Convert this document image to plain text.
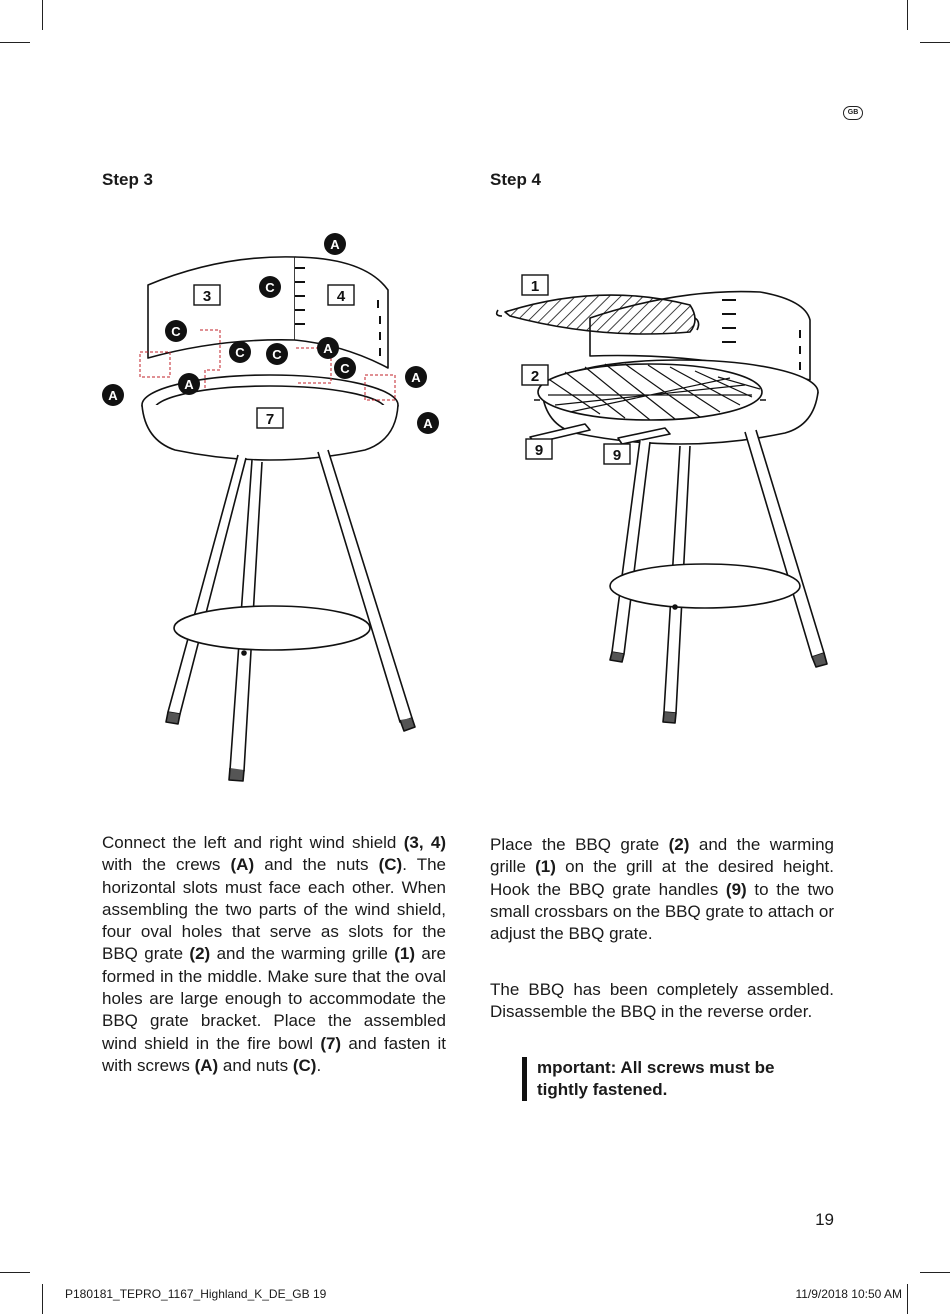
GB
Step 3	Step 4
A
C
C
C C	A
C
A
A
A
A
3	4
7
1
2
9	9
Connect the left and right wind shield (3, 4) with the crews (A) and the nuts (C). The horizontal slots must face each other. When assembling the two parts of the wind shield, four oval holes that serve as slots for the BBQ grate (2) and the warming grille (1) are formed in the middle. Make sure that the oval holes are large enough to accommodate the BBQ grate bracket. Place the assembled wind shield in the fire bowl (7) and fasten it with screws (A) and nuts (C).
Place the BBQ grate (2) and the warming grille (1) on the grill at the desired height. Hook the BBQ grate handles (9) to the two small crossbars on the BBQ grate to attach or adjust the BBQ grate.
The BBQ has been completely assembled. Disassemble the BBQ in the reverse order.
mportant: All screws must be
tightly fastened.
19
P180181_TEPRO_1167_Highland_K_DE_GB 19	11/9/2018 10:50 AM
